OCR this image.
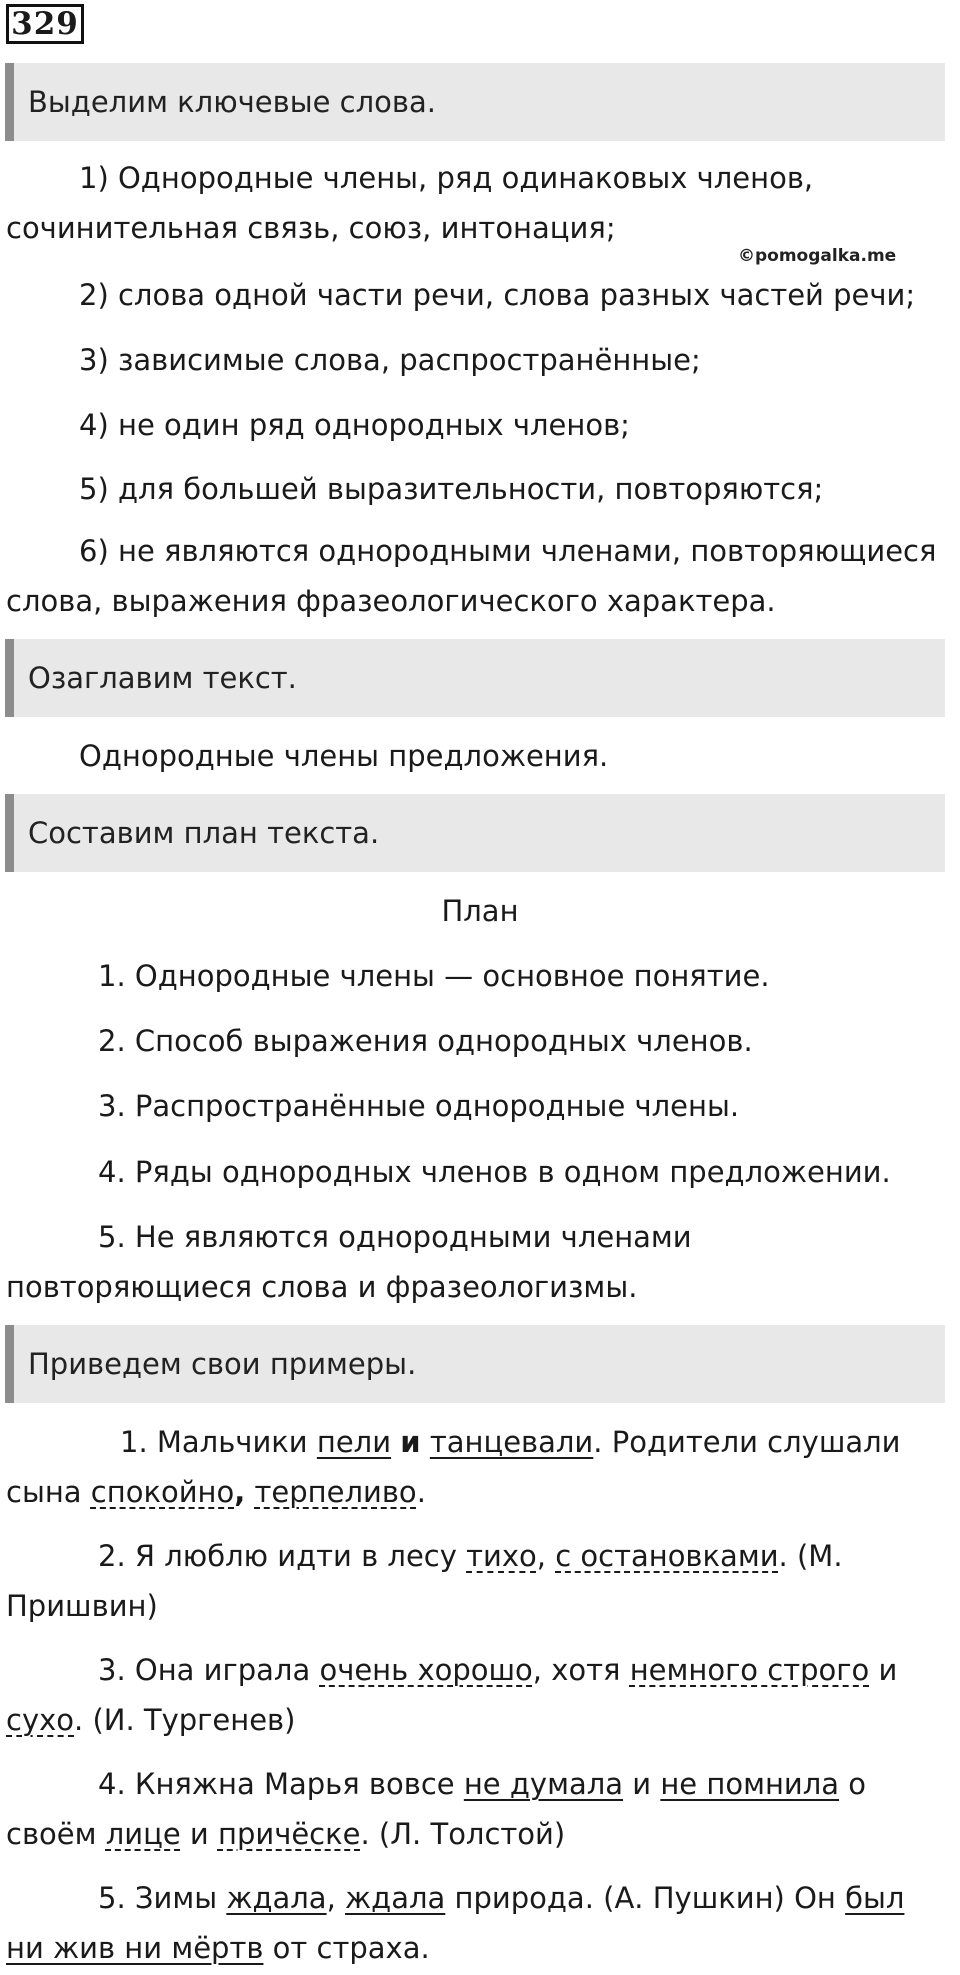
329
Выделим ключевые слова.
1) Однородные члены, ряд одинаковых членов,
сочинительная связь, союз, интонация;
©pomogalka.me
2) слова одной части речи, слова разных частей речи;
3) зависимые слова, распространённые;
4) не один ряд однородных членов;
5) для большей выразительности, повторяются;
6) не являются однородными членами, повторяющиеся
слова, выражения фразеологического характера.
Озаглавим текст.
Однородные члены предложения.
Составим план текста.
План
1. Однородные члены — основное понятие.
2. Способ выражения однородных членов.
3. Распространённые однородные члены.
4. Ряды однородных членов в одном предложении.
5. Не являются однородными членами
повторяющиеся слова и фразеологизмы.
Приведем свои примеры.
1. Мальчики пели и танцевали. Родители слушали
сына спокойно, терпеливо.
2. Я люблю идти в лесу тихо, с остановками. (М.
Пришвин)
3. Она играла очень хорошо, хотя немного строго и
сухо. (И. Тургенев)
4. Княжна Марья вовсе не думала и не помнила о
своём лице и причёске. (Л. Толстой)
5. Зимы ждала, ждала природа. (А. Пушкин) Он был
ни жив ни мёртв от страха.
